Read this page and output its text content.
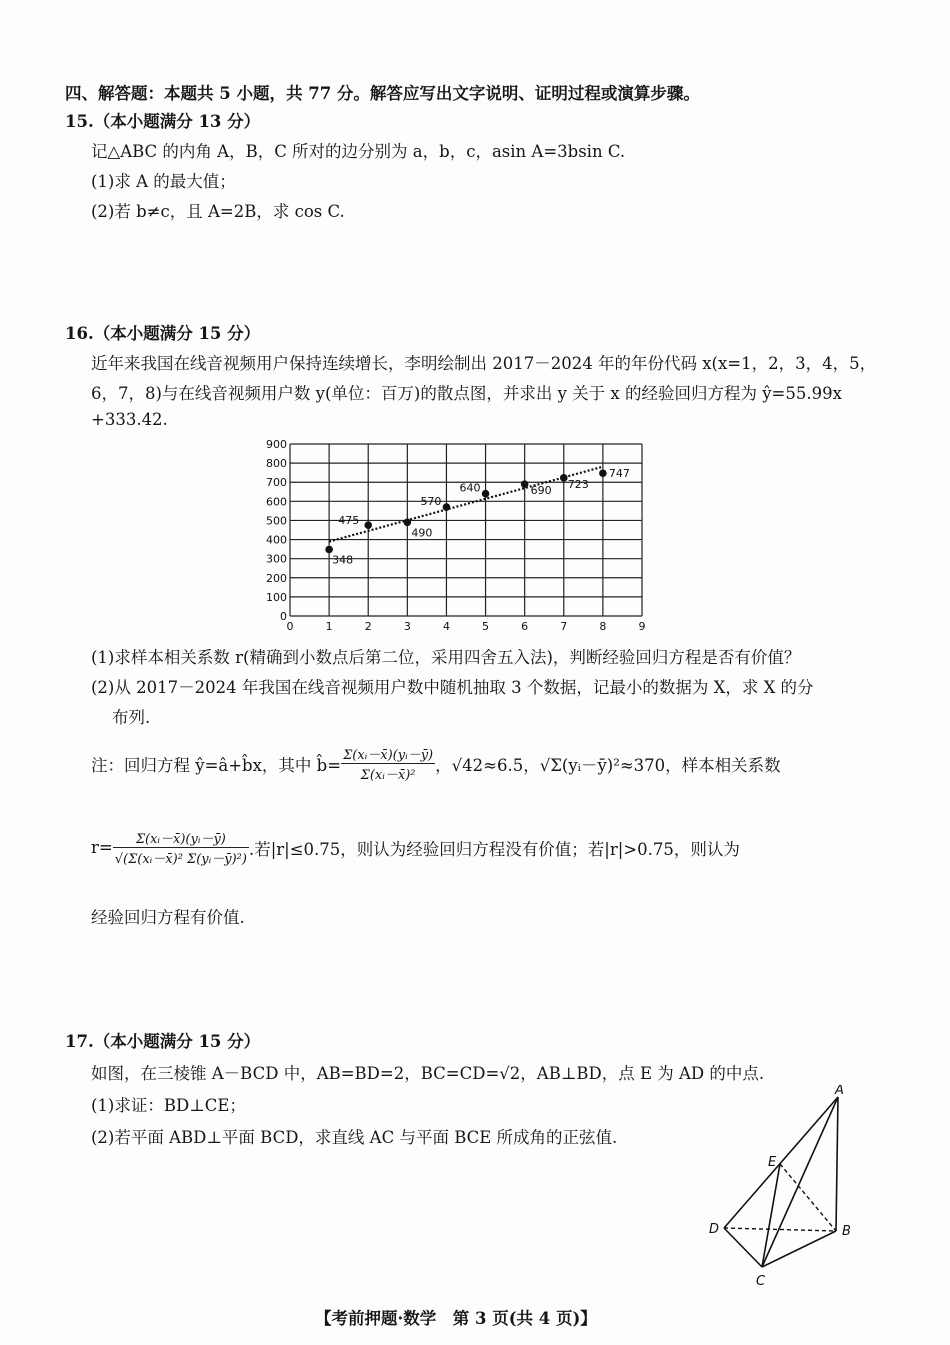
四、解答题：本题共 5 小题，共 77 分。解答应写出文字说明、证明过程或演算步骤。
15.（本小题满分 13 分）
记△ABC 的内角 A，B，C 所对的边分别为 a，b，c，asin A=3bsin C.
(1)求 A 的最大值；
(2)若 b≠c，且 A=2B，求 cos C.
16.（本小题满分 15 分）
近年来我国在线音视频用户保持连续增长，李明绘制出 2017－2024 年的年份代码 x(x=1，2，3，4，5，
6，7，8)与在线音视频用户数 y(单位：百万)的散点图，并求出 y 关于 x 的经验回归方程为 ŷ=55.99x
+333.42.
0	1	2	3	4	5	6	7	8	9
0
100
200
300
400
500
600
700
800
900
348
475
490
570
640	690 723
747
(1)求样本相关系数 r(精确到小数点后第二位，采用四舍五入法)，判断经验回归方程是否有价值？
(2)从 2017－2024 年我国在线音视频用户数中随机抽取 3 个数据，记最小的数据为 X，求 X 的分
布列.
注：回归方程 ŷ=â+b̂x，其中 b̂= $\frac{\text{Σ(xᵢ－x̄)(yᵢ－ȳ)}}{\text{Σ(xᵢ－x̄)²}}$ ，√42≈6.5，√Σ(yᵢ－ȳ)²≈370，样本相关系数
$r= \frac{\text{Σ(xᵢ－x̄)(yᵢ－ȳ)}}{\text{√(Σ(xᵢ－x̄)² Σ(yᵢ－ȳ)²)}}$ .若|r|≤0.75，则认为经验回归方程没有价值；若|r|>0.75，则认为
经验回归方程有价值.
17.（本小题满分 15 分）
如图，在三棱锥 A－BCD 中，AB=BD=2，BC=CD=√2，AB⊥BD，点 E 为 AD 的中点.
(1)求证：BD⊥CE；
(2)若平面 ABD⊥平面 BCD，求直线 AC 与平面 BCE 所成角的正弦值.
A
B
C
D
E
【考前押题·数学　第 3 页(共 4 页)】
